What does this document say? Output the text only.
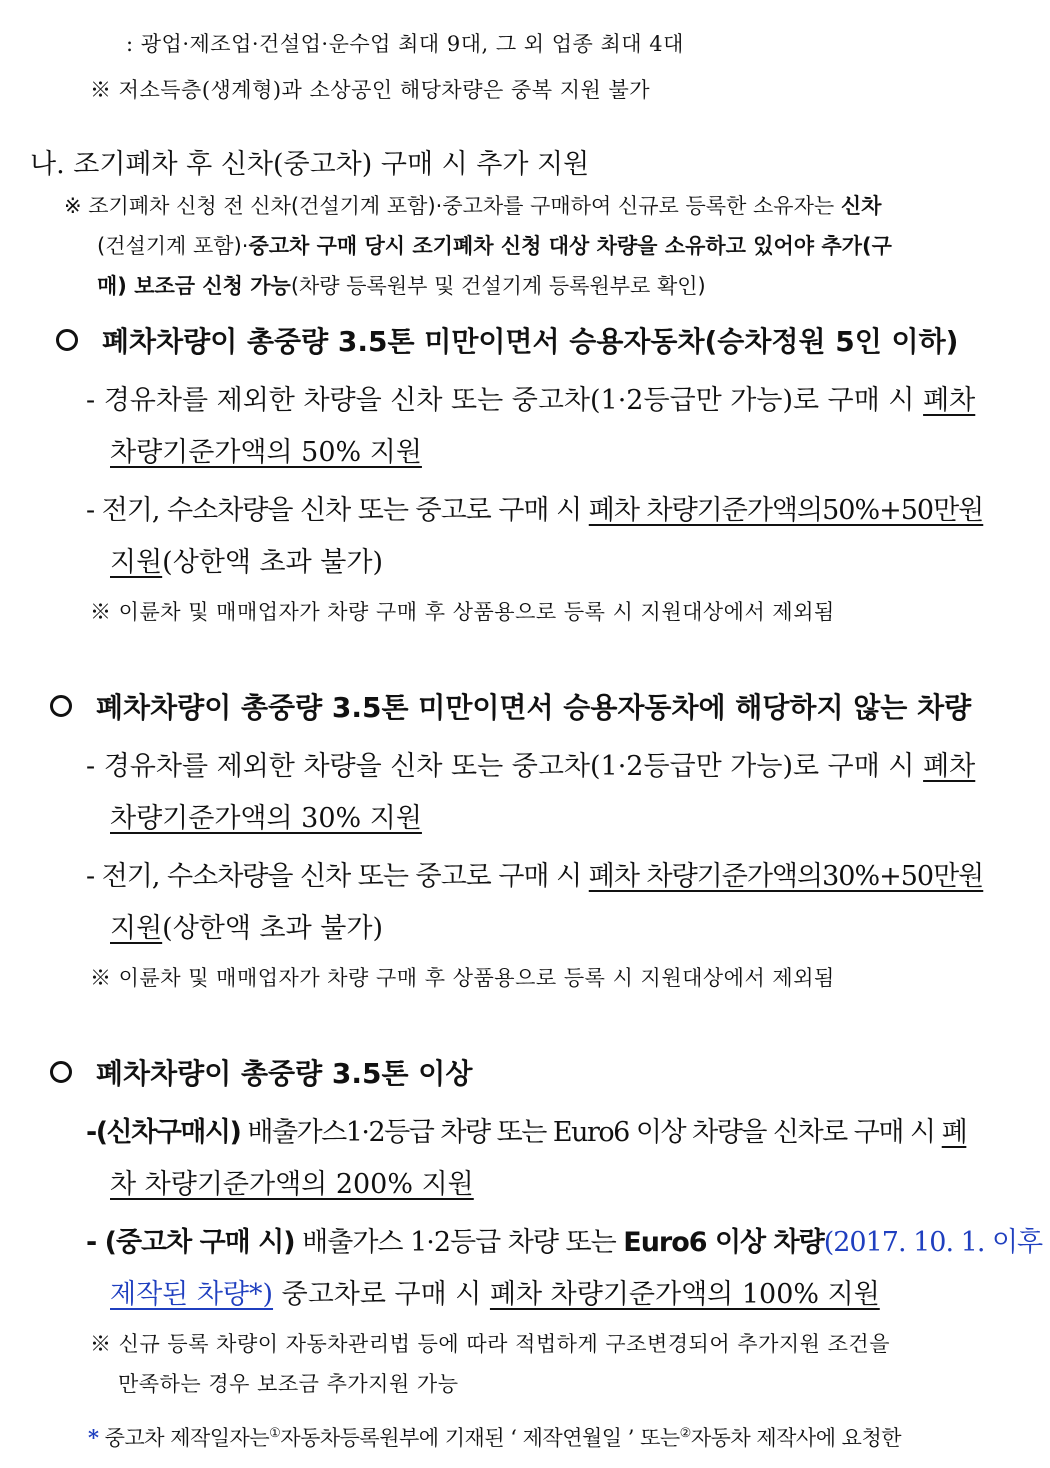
: 광업·제조업·건설업·운수업 최대 9대, 그 외 업종 최대 4대
※ 저소득층(생계형)과 소상공인 해당차량은 중복 지원 불가
나. 조기폐차 후 신차(중고차) 구매 시 추가 지원
※ 조기폐차 신청 전 신차(건설기계 포함)·중고차를 구매하여 신규로 등록한 소유자는 신차
(건설기계 포함)·중고차 구매 당시 조기폐차 신청 대상 차량을 소유하고 있어야 추가(구
매) 보조금 신청 가능(차량 등록원부 및 건설기계 등록원부로 확인)
폐차차량이 총중량 3.5톤 미만이면서 승용자동차(승차정원 5인 이하)
- 경유차를 제외한 차량을 신차 또는 중고차(1·2등급만 가능)로 구매 시 폐차
차량기준가액의 50% 지원
- 전기, 수소차량을 신차 또는 중고로 구매 시 폐차 차량기준가액의50%+50만원
지원(상한액 초과 불가)
※ 이륜차 및 매매업자가 차량 구매 후 상품용으로 등록 시 지원대상에서 제외됨
폐차차량이 총중량 3.5톤 미만이면서 승용자동차에 해당하지 않는 차량
- 경유차를 제외한 차량을 신차 또는 중고차(1·2등급만 가능)로 구매 시 폐차
차량기준가액의 30% 지원
- 전기, 수소차량을 신차 또는 중고로 구매 시 폐차 차량기준가액의30%+50만원
지원(상한액 초과 불가)
※ 이륜차 및 매매업자가 차량 구매 후 상품용으로 등록 시 지원대상에서 제외됨
폐차차량이 총중량 3.5톤 이상
-(신차구매시) 배출가스1·2등급 차량 또는 Euro6 이상 차량을 신차로 구매 시 폐
차 차량기준가액의 200% 지원
- (중고차 구매 시) 배출가스 1·2등급 차량 또는 Euro6 이상 차량(2017. 10. 1. 이후
제작된 차량*) 중고차로 구매 시 폐차 차량기준가액의 100% 지원
※ 신규 등록 차량이 자동차관리법 등에 따라 적법하게 구조변경되어 추가지원 조건을
만족하는 경우 보조금 추가지원 가능
* 중고차 제작일자는①자동차등록원부에 기재된 ‘ 제작연월일 ’ 또는②자동차 제작사에 요청한
